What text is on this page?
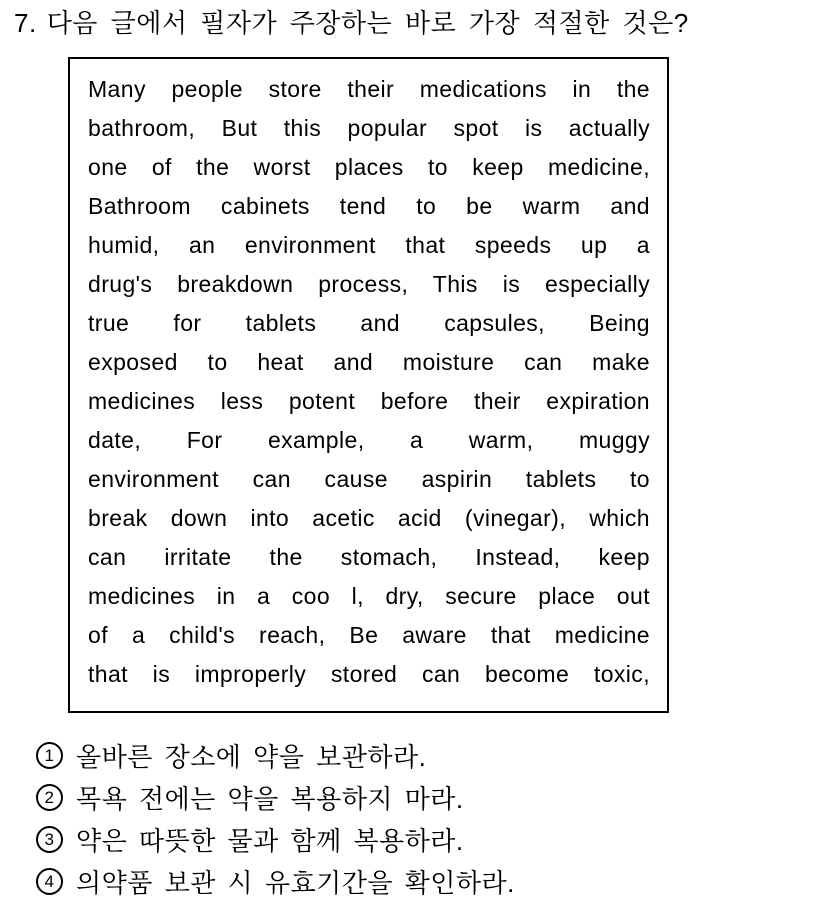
7. 다음 글에서 필자가 주장하는 바로 가장 적절한 것은?
Many people store their medications in the
bathroom, But this popular spot is actually
one of the worst places to keep medicine,
Bathroom cabinets tend to be warm and
humid, an environment that speeds up a
drug's breakdown process, This is especially
true for tablets and capsules, Being
exposed to heat and moisture can make
medicines less potent before their expiration
date, For example, a warm, muggy
environment can cause aspirin tablets to
break down into acetic acid (vinegar), which
can irritate the stomach, Instead, keep
medicines in a coo l, dry, secure place out
of a child's reach, Be aware that medicine
that is improperly stored can become toxic,
1 올바른 장소에 약을 보관하라.
2 목욕 전에는 약을 복용하지 마라.
3 약은 따뜻한 물과 함께 복용하라.
4 의약품 보관 시 유효기간을 확인하라.
